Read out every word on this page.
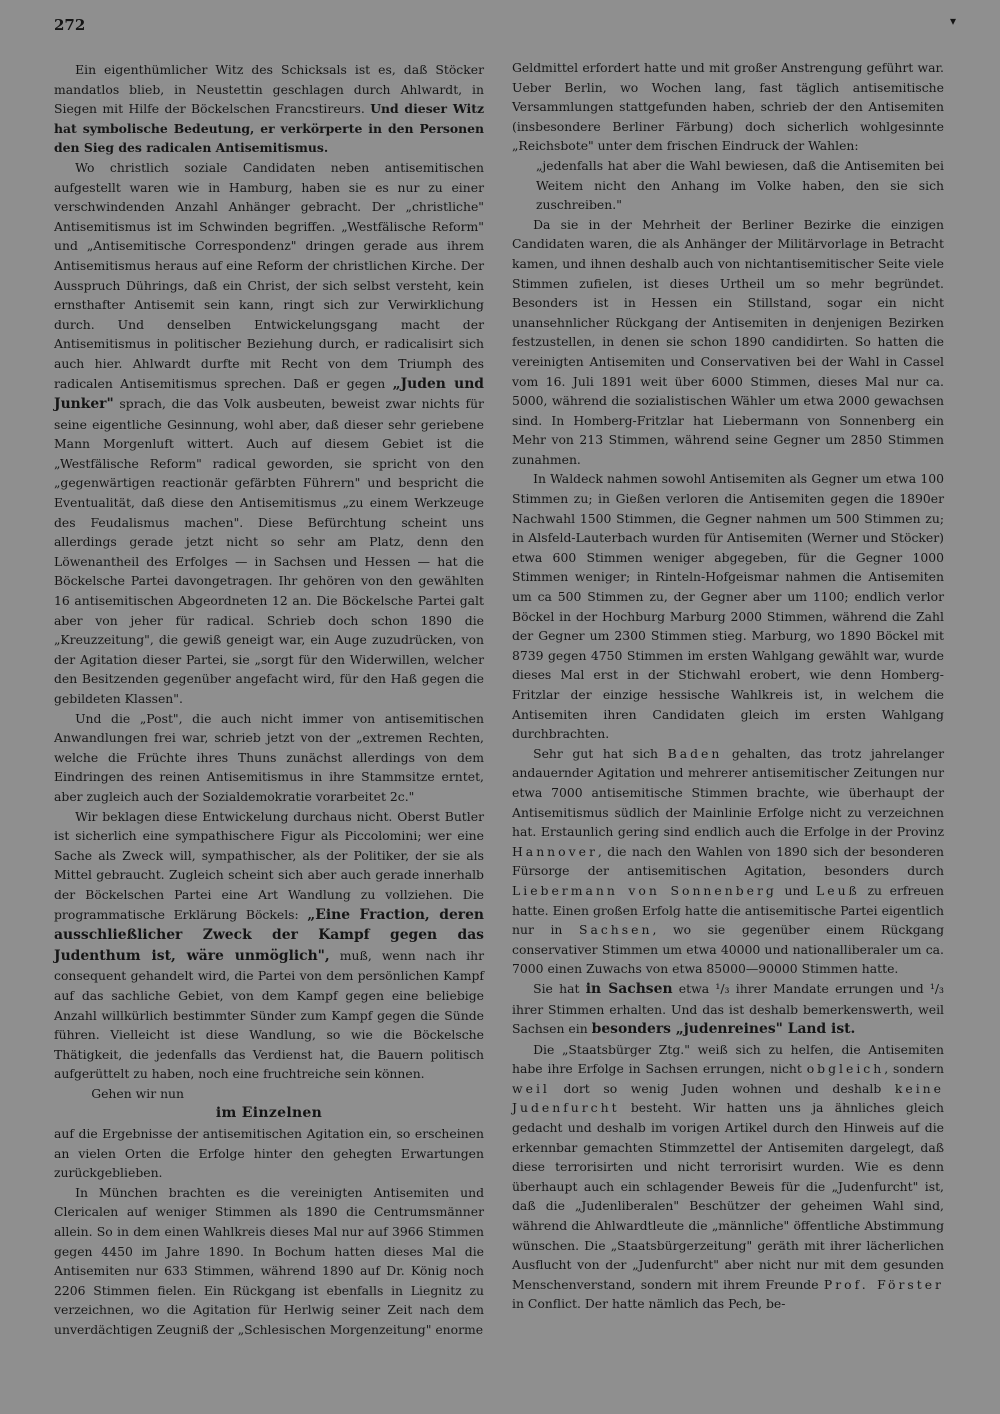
272	▾

Ein eigenthümlicher Witz des Schicksals ist es, daß Stöcker mandatlos blieb, in Neustettin geschlagen durch Ahlwardt, in Siegen mit Hilfe der Böckelschen Francstireurs. Und dieser Witz hat symbolische Bedeutung, er verkörperte in den Personen den Sieg des radicalen Antisemitismus.

Wo christlich soziale Candidaten neben antisemitischen aufgestellt waren wie in Hamburg, haben sie es nur zu einer verschwindenden Anzahl Anhänger gebracht. Der „christliche" Antisemitismus ist im Schwinden begriffen. „Westfälische Reform" und „Antisemitische Correspondenz" dringen gerade aus ihrem Antisemitismus heraus auf eine Reform der christlichen Kirche. Der Ausspruch Dührings, daß ein Christ, der sich selbst versteht, kein ernsthafter Antisemit sein kann, ringt sich zur Verwirklichung durch. Und denselben Entwickelungsgang macht der Antisemitismus in politischer Beziehung durch, er radicalisirt sich auch hier. Ahlwardt durfte mit Recht von dem Triumph des radicalen Antisemitismus sprechen. Daß er gegen „Juden und Junker" sprach, die das Volk ausbeuten, beweist zwar nichts für seine eigentliche Gesinnung, wohl aber, daß dieser sehr geriebene Mann Morgenluft wittert. Auch auf diesem Gebiet ist die „Westfälische Reform" radical geworden, sie spricht von den „gegenwärtigen reactionär gefärbten Führern" und bespricht die Eventualität, daß diese den Antisemitismus „zu einem Werkzeuge des Feudalismus machen". Diese Befürchtung scheint uns allerdings gerade jetzt nicht so sehr am Platz, denn den Löwenantheil des Erfolges — in Sachsen und Hessen — hat die Böckelsche Partei davongetragen. Ihr gehören von den gewählten 16 antisemitischen Abgeordneten 12 an. Die Böckelsche Partei galt aber von jeher für radical. Schrieb doch schon 1890 die „Kreuzzeitung", die gewiß geneigt war, ein Auge zuzudrücken, von der Agitation dieser Partei, sie „sorgt für den Widerwillen, welcher den Besitzenden gegenüber angefacht wird, für den Haß gegen die gebildeten Klassen".

Und die „Post", die auch nicht immer von antisemitischen Anwandlungen frei war, schrieb jetzt von der „extremen Rechten, welche die Früchte ihres Thuns zunächst allerdings von dem Eindringen des reinen Antisemitismus in ihre Stammsitze erntet, aber zugleich auch der Sozialdemokratie vorarbeitet 2c."

Wir beklagen diese Entwickelung durchaus nicht. Oberst Butler ist sicherlich eine sympathischere Figur als Piccolomini; wer eine Sache als Zweck will, sympathischer, als der Politiker, der sie als Mittel gebraucht. Zugleich scheint sich aber auch gerade innerhalb der Böckelschen Partei eine Art Wandlung zu vollziehen. Die programmatische Erklärung Böckels: „Eine Fraction, deren ausschließlicher Zweck der Kampf gegen das Judenthum ist, wäre unmöglich", muß, wenn nach ihr consequent gehandelt wird, die Partei von dem persönlichen Kampf auf das sachliche Gebiet, von dem Kampf gegen eine beliebige Anzahl willkürlich bestimmter Sünder zum Kampf gegen die Sünde führen. Vielleicht ist diese Wandlung, so wie die Böckelsche Thätigkeit, die jedenfalls das Verdienst hat, die Bauern politisch aufgerüttelt zu haben, noch eine fruchtreiche sein können.

Gehen wir nun

im Einzelnen

auf die Ergebnisse der antisemitischen Agitation ein, so erscheinen an vielen Orten die Erfolge hinter den gehegten Erwartungen zurückgeblieben.

In München brachten es die vereinigten Antisemiten und Clericalen auf weniger Stimmen als 1890 die Centrumsmänner allein. So in dem einen Wahlkreis dieses Mal nur auf 3966 Stimmen gegen 4450 im Jahre 1890. In Bochum hatten dieses Mal die Antisemiten nur 633 Stimmen, während 1890 auf Dr. König noch 2206 Stimmen fielen. Ein Rückgang ist ebenfalls in Liegnitz zu verzeichnen, wo die Agitation für Herlwig seiner Zeit nach dem unverdächtigen Zeugniß der „Schlesischen Morgenzeitung" enorme

Geldmittel erfordert hatte und mit großer Anstrengung geführt war. Ueber Berlin, wo Wochen lang, fast täglich antisemitische Versammlungen stattgefunden haben, schrieb der den Antisemiten (insbesondere Berliner Färbung) doch sicherlich wohlgesinnte „Reichsbote" unter dem frischen Eindruck der Wahlen:

„jedenfalls hat aber die Wahl bewiesen, daß die Antisemiten bei Weitem nicht den Anhang im Volke haben, den sie sich zuschreiben."

Da sie in der Mehrheit der Berliner Bezirke die einzigen Candidaten waren, die als Anhänger der Militärvorlage in Betracht kamen, und ihnen deshalb auch von nichtantisemitischer Seite viele Stimmen zufielen, ist dieses Urtheil um so mehr begründet. Besonders ist in Hessen ein Stillstand, sogar ein nicht unansehnlicher Rückgang der Antisemiten in denjenigen Bezirken festzustellen, in denen sie schon 1890 candidirten. So hatten die vereinigten Antisemiten und Conservativen bei der Wahl in Cassel vom 16. Juli 1891 weit über 6000 Stimmen, dieses Mal nur ca. 5000, während die sozialistischen Wähler um etwa 2000 gewachsen sind. In Homberg-Fritzlar hat Liebermann von Sonnenberg ein Mehr von 213 Stimmen, während seine Gegner um 2850 Stimmen zunahmen.

In Waldeck nahmen sowohl Antisemiten als Gegner um etwa 100 Stimmen zu; in Gießen verloren die Antisemiten gegen die 1890er Nachwahl 1500 Stimmen, die Gegner nahmen um 500 Stimmen zu; in Alsfeld-Lauterbach wurden für Antisemiten (Werner und Stöcker) etwa 600 Stimmen weniger abgegeben, für die Gegner 1000 Stimmen weniger; in Rinteln-Hofgeismar nahmen die Antisemiten um ca 500 Stimmen zu, der Gegner aber um 1100; endlich verlor Böckel in der Hochburg Marburg 2000 Stimmen, während die Zahl der Gegner um 2300 Stimmen stieg. Marburg, wo 1890 Böckel mit 8739 gegen 4750 Stimmen im ersten Wahlgang gewählt war, wurde dieses Mal erst in der Stichwahl erobert, wie denn Homberg-Fritzlar der einzige hessische Wahlkreis ist, in welchem die Antisemiten ihren Candidaten gleich im ersten Wahlgang durchbrachten.

Sehr gut hat sich Baden gehalten, das trotz jahrelanger andauernder Agitation und mehrerer antisemitischer Zeitungen nur etwa 7000 antisemitische Stimmen brachte, wie überhaupt der Antisemitismus südlich der Mainlinie Erfolge nicht zu verzeichnen hat. Erstaunlich gering sind endlich auch die Erfolge in der Provinz Hannover, die nach den Wahlen von 1890 sich der besonderen Fürsorge der antisemitischen Agitation, besonders durch Liebermann von Sonnenberg und Leuß zu erfreuen hatte. Einen großen Erfolg hatte die antisemitische Partei eigentlich nur in Sachsen, wo sie gegenüber einem Rückgang conservativer Stimmen um etwa 40000 und nationalliberaler um ca. 7000 einen Zuwachs von etwa 85000—90000 Stimmen hatte.

Sie hat in Sachsen etwa ¹/₃ ihrer Mandate errungen und ¹/₃ ihrer Stimmen erhalten. Und das ist deshalb bemerkenswerth, weil Sachsen ein besonders „judenreines" Land ist.

Die „Staatsbürger Ztg." weiß sich zu helfen, die Antisemiten habe ihre Erfolge in Sachsen errungen, nicht obgleich, sondern weil dort so wenig Juden wohnen und deshalb keine Judenfurcht besteht. Wir hatten uns ja ähnliches gleich gedacht und deshalb im vorigen Artikel durch den Hinweis auf die erkennbar gemachten Stimmzettel der Antisemiten dargelegt, daß diese terrorisirten und nicht terrorisirt wurden. Wie es denn überhaupt auch ein schlagender Beweis für die „Judenfurcht" ist, daß die „Judenliberalen" Beschützer der geheimen Wahl sind, während die Ahlwardtleute die „männliche" öffentliche Abstimmung wünschen. Die „Staatsbürgerzeitung" geräth mit ihrer lächerlichen Ausflucht von der „Judenfurcht" aber nicht nur mit dem gesunden Menschenverstand, sondern mit ihrem Freunde Prof. Förster in Conflict. Der hatte nämlich das Pech, be-
